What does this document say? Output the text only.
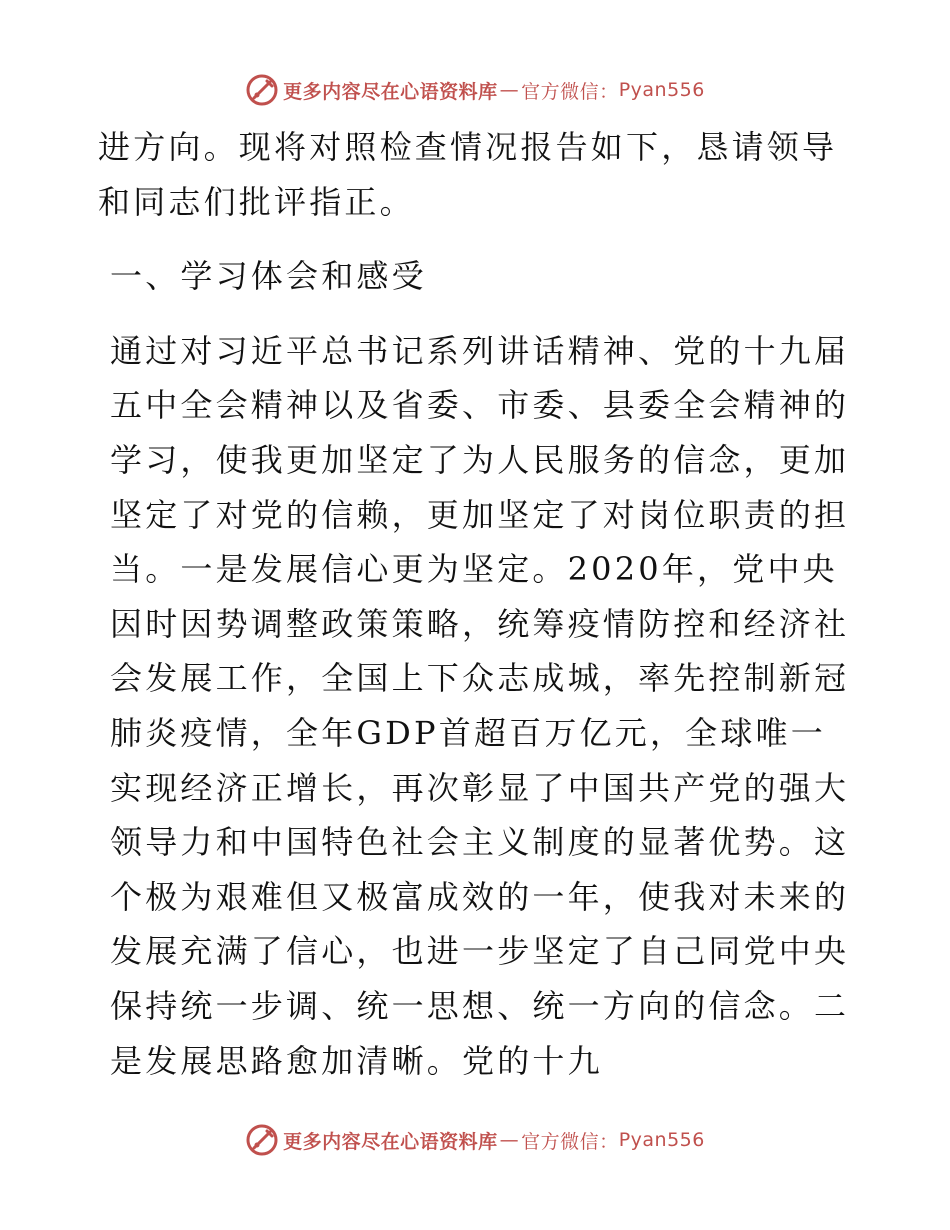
更多内容尽在心语资料库 — 官方微信： Pyan556

进方向。现将对照检查情况报告如下，恳请领导和同志们批评指正。

一、学习体会和感受

通过对习近平总书记系列讲话精神、党的十九届五中全会精神以及省委、市委、县委全会精神的学习，使我更加坚定了为人民服务的信念，更加坚定了对党的信赖，更加坚定了对岗位职责的担当。一是发展信心更为坚定。2020年，党中央因时因势调整政策策略，统筹疫情防控和经济社会发展工作，全国上下众志成城，率先控制新冠肺炎疫情，全年GDP首超百万亿元，全球唯一实现经济正增长，再次彰显了中国共产党的强大领导力和中国特色社会主义制度的显著优势。这个极为艰难但又极富成效的一年，使我对未来的发展充满了信心，也进一步坚定了自己同党中央保持统一步调、统一思想、统一方向的信念。二是发展思路愈加清晰。党的十九

更多内容尽在心语资料库 — 官方微信： Pyan556
